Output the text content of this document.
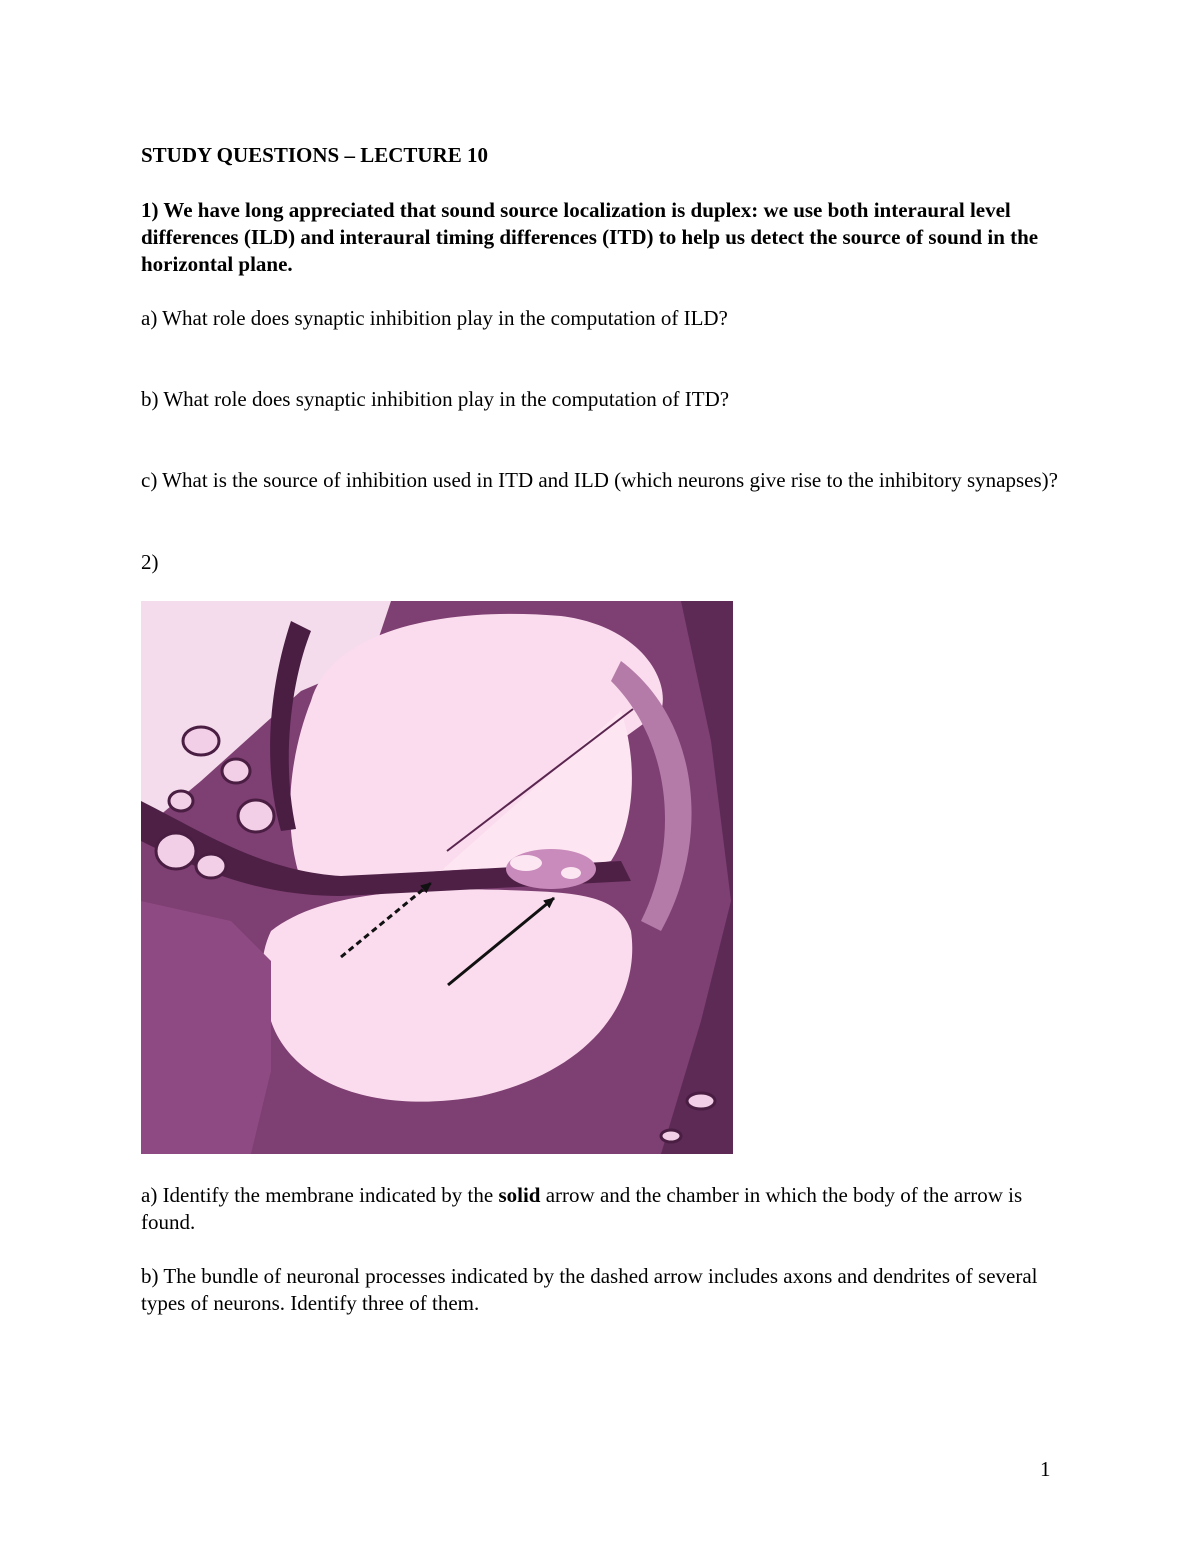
STUDY QUESTIONS – LECTURE 10

1) We have long appreciated that sound source localization is duplex: we use both interaural level differences (ILD) and interaural timing differences (ITD) to help us detect the source of sound in the horizontal plane.

a) What role does synaptic inhibition play in the computation of ILD?

b) What role does synaptic inhibition play in the computation of ITD?

c) What is the source of inhibition used in ITD and ILD (which neurons give rise to the inhibitory synapses)?

2)

a) Identify the membrane indicated by the solid arrow and the chamber in which the body of the arrow is found.

b) The bundle of neuronal processes indicated by the dashed arrow includes axons and dendrites of several types of neurons. Identify three of them.

1
